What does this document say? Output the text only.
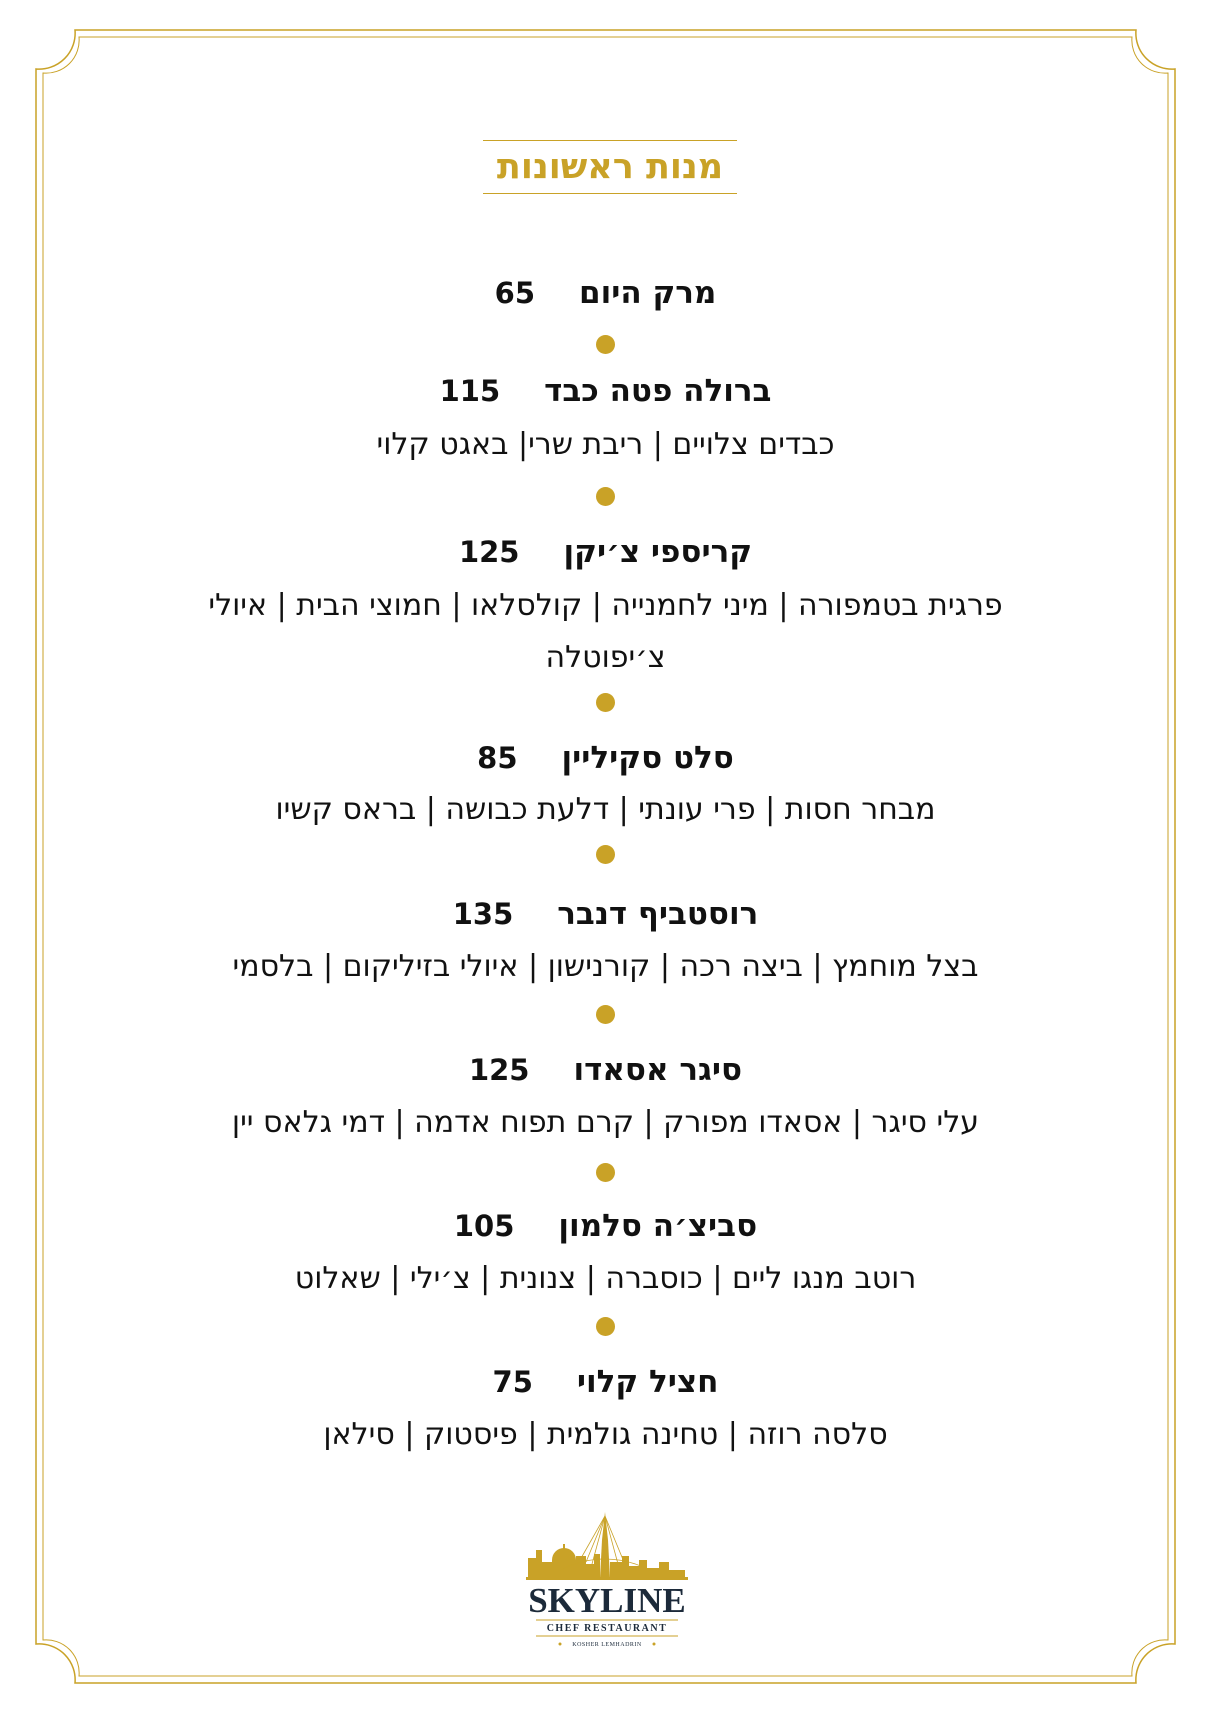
מנות ראשונות
מרק היום
65
ברולה פטה כבד
115
כבדים צלויים | ריבת שרי| באגט קלוי
קריספי צ׳יקן
125
פרגית בטמפורה | מיני לחמנייה | קולסלאו | חמוצי הבית | איולי צ׳יפוטלה
סלט סקיליין
85
מבחר חסות | פרי עונתי | דלעת כבושה | בראס קשיו
רוסטביף דנבר
135
בצל מוחמץ | ביצה רכה | קורנישון | איולי בזיליקום | בלסמי
סיגר אסאדו
125
עלי סיגר | אסאדו מפורק | קרם תפוח אדמה | דמי גלאס יין
סביצ׳ה סלמון
105
רוטב מנגו ליים | כוסברה | צנונית | צ׳ילי | שאלוט
חציל קלוי
75
סלסה רוזה | טחינה גולמית | פיסטוק | סילאן
SKYLINE
CHEF RESTAURANT
KOSHER LEMHADRIN
